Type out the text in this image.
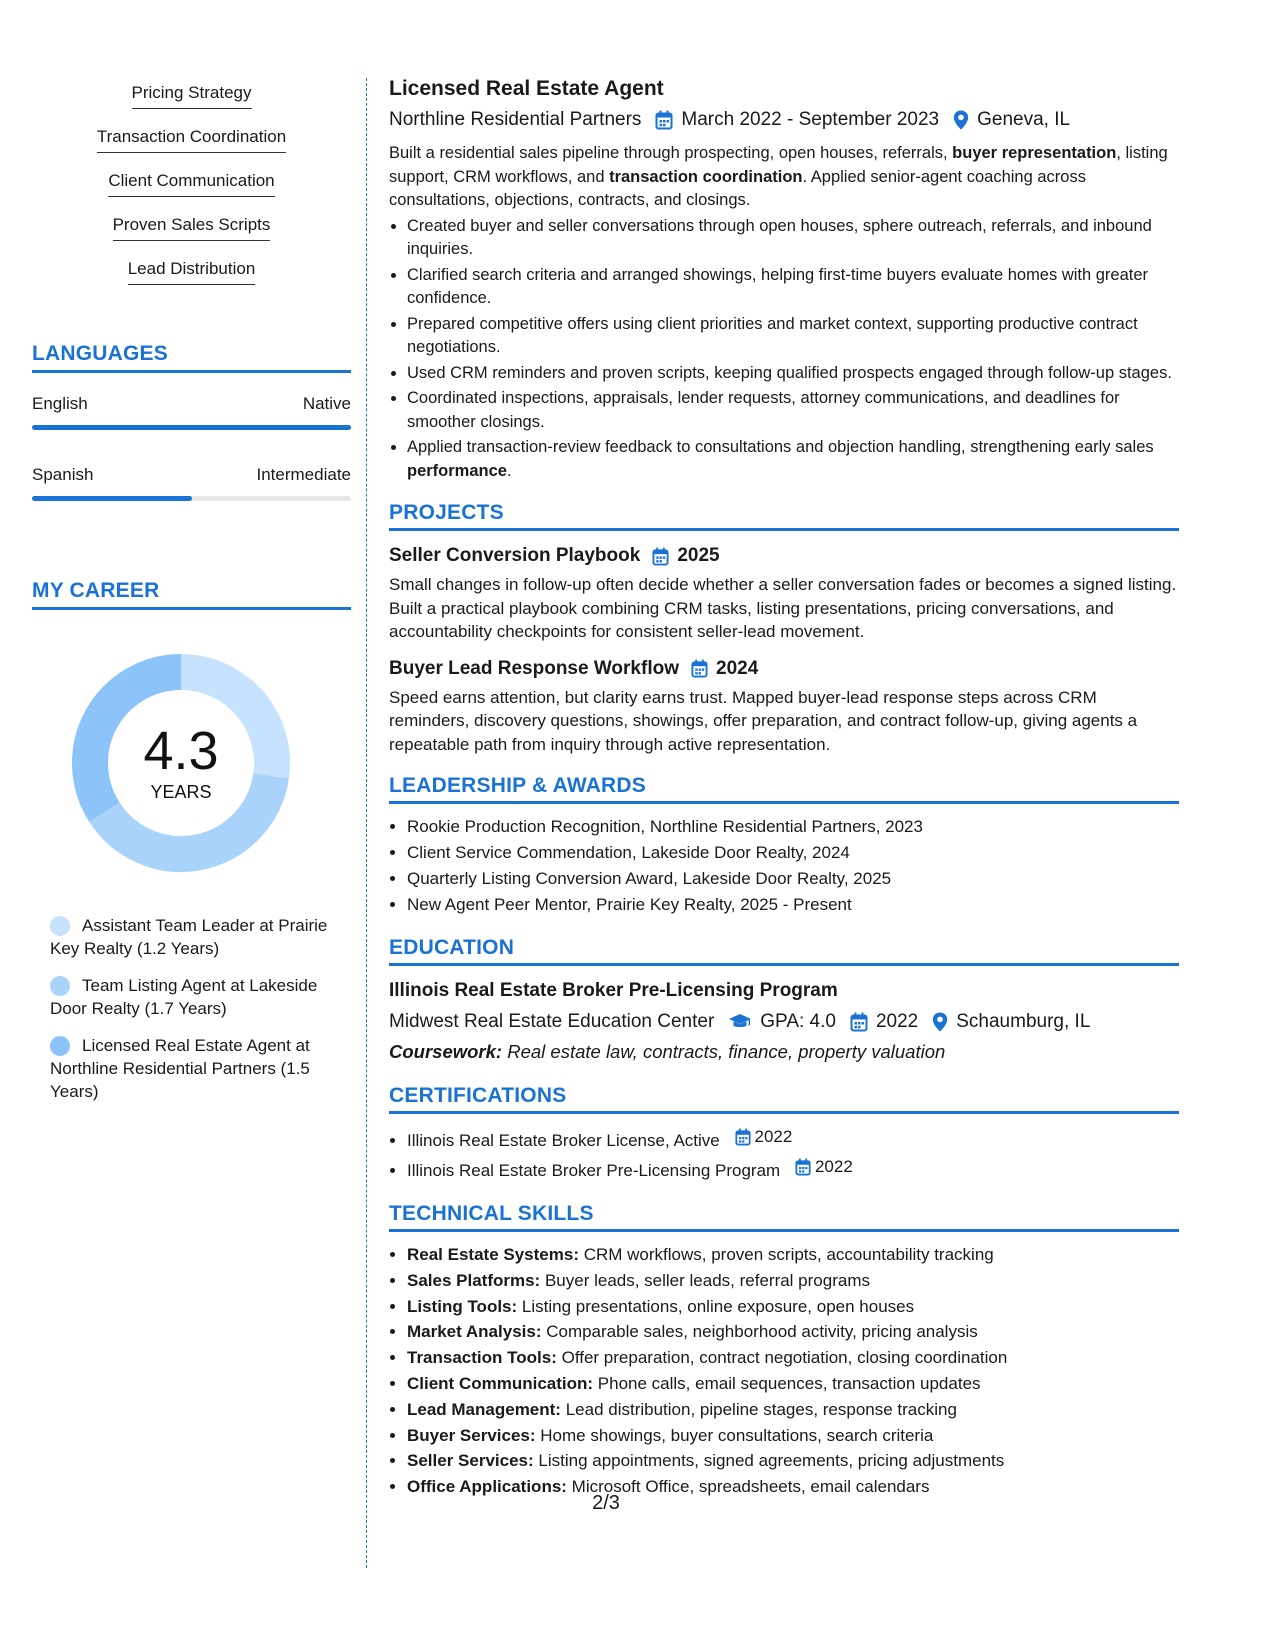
Pricing Strategy
Transaction Coordination
Client Communication
Proven Sales Scripts
Lead Distribution
LANGUAGES
English	Native
Spanish	Intermediate
MY CAREER
4.3
YEARS
Assistant Team Leader at Prairie Key Realty (1.2 Years)
Team Listing Agent at Lakeside Door Realty (1.7 Years)
Licensed Real Estate Agent at Northline Residential Partners (1.5 Years)
Licensed Real Estate Agent
Northline Residential Partners March 2022 - September 2023 Geneva, IL

Built a residential sales pipeline through prospecting, open houses, referrals, buyer representation, listing support, CRM workflows, and transaction coordination. Applied senior-agent coaching across consultations, objections, contracts, and closings.

• Created buyer and seller conversations through open houses, sphere outreach, referrals, and inbound inquiries.
• Clarified search criteria and arranged showings, helping first-time buyers evaluate homes with greater confidence.
• Prepared competitive offers using client priorities and market context, supporting productive contract negotiations.
• Used CRM reminders and proven scripts, keeping qualified prospects engaged through follow-up stages.
• Coordinated inspections, appraisals, lender requests, attorney communications, and deadlines for smoother closings.
• Applied transaction-review feedback to consultations and objection handling, strengthening early sales performance.
PROJECTS
Seller Conversion Playbook 2025

Small changes in follow-up often decide whether a seller conversation fades or becomes a signed listing. Built a practical playbook combining CRM tasks, listing presentations, pricing conversations, and accountability checkpoints for consistent seller-lead movement.

Buyer Lead Response Workflow 2024

Speed earns attention, but clarity earns trust. Mapped buyer-lead response steps across CRM reminders, discovery questions, showings, offer preparation, and contract follow-up, giving agents a repeatable path from inquiry through active representation.

LEADERSHIP & AWARDS
• Rookie Production Recognition, Northline Residential Partners, 2023
• Client Service Commendation, Lakeside Door Realty, 2024
• Quarterly Listing Conversion Award, Lakeside Door Realty, 2025
• New Agent Peer Mentor, Prairie Key Realty, 2025 - Present
EDUCATION
Illinois Real Estate Broker Pre-Licensing Program
Midwest Real Estate Education Center GPA: 4.0 2022 Schaumburg, IL
Coursework: Real estate law, contracts, finance, property valuation
CERTIFICATIONS
• Illinois Real Estate Broker License, Active 2022
• Illinois Real Estate Broker Pre-Licensing Program 2022
TECHNICAL SKILLS
• Real Estate Systems: CRM workflows, proven scripts, accountability tracking
• Sales Platforms: Buyer leads, seller leads, referral programs
• Listing Tools: Listing presentations, online exposure, open houses
• Market Analysis: Comparable sales, neighborhood activity, pricing analysis
• Transaction Tools: Offer preparation, contract negotiation, closing coordination
• Client Communication: Phone calls, email sequences, transaction updates
• Lead Management: Lead distribution, pipeline stages, response tracking
• Buyer Services: Home showings, buyer consultations, search criteria
• Seller Services: Listing appointments, signed agreements, pricing adjustments
• Office Applications: Microsoft Office, spreadsheets, email calendars
2/3
